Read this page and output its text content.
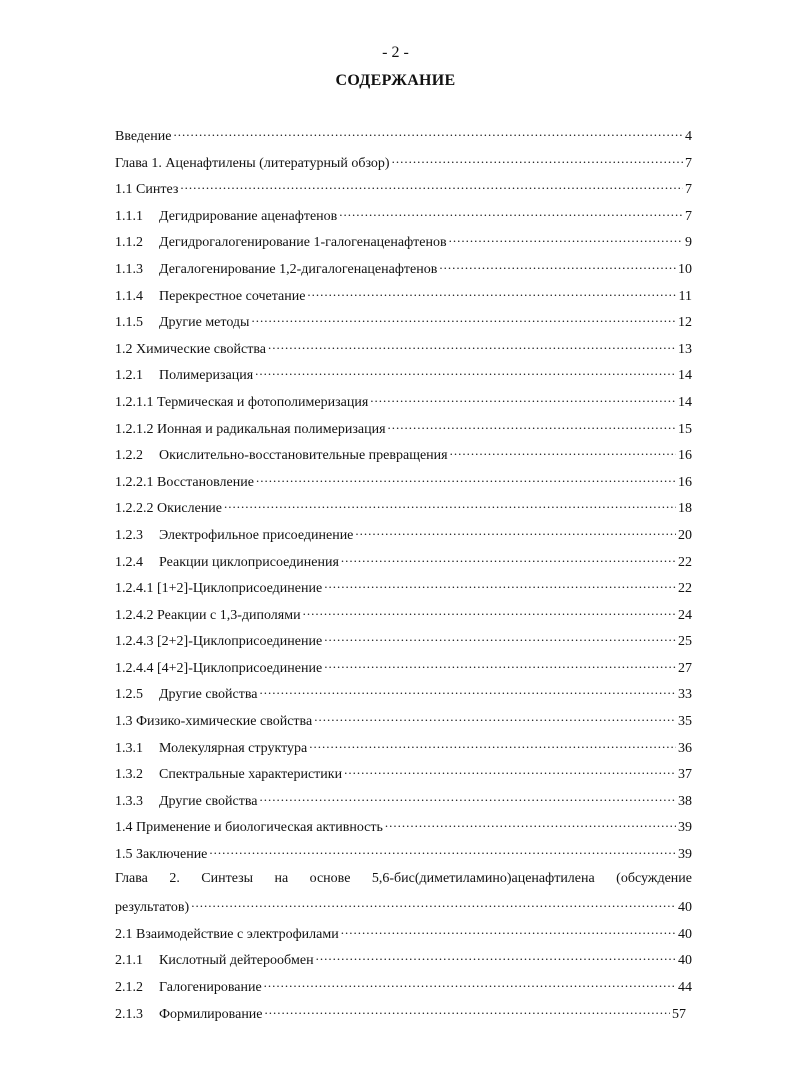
- 2 -
СОДЕРЖАНИЕ
Введение .....	4
Глава 1. Аценафтилены (литературный обзор) .....	7
1.1 Синтез .....	7
1.1.1	Дегидрирование аценафтенов .....	7
1.1.2	Дегидрогалогенирование 1-галогенаценафтенов .....	9
1.1.3	Дегалогенирование 1,2-дигалогенаценафтенов .....	10
1.1.4	Перекрестное сочетание .....	11
1.1.5	Другие методы .....	12
1.2 Химические свойства .....	13
1.2.1	Полимеризация .....	14
1.2.1.1 Термическая и фотополимеризация .....	14
1.2.1.2 Ионная и радикальная полимеризация .....	15
1.2.2	Окислительно-восстановительные превращения .....	16
1.2.2.1 Восстановление .....	16
1.2.2.2 Окисление .....	18
1.2.3	Электрофильное присоединение .....	20
1.2.4	Реакции циклоприсоединения .....	22
1.2.4.1 [1+2]-Циклоприсоединение .....	22
1.2.4.2 Реакции с 1,3-диполями .....	24
1.2.4.3 [2+2]-Циклоприсоединение .....	25
1.2.4.4 [4+2]-Циклоприсоединение .....	27
1.2.5	Другие свойства .....	33
1.3 Физико-химические свойства .....	35
1.3.1	Молекулярная структура .....	36
1.3.2	Спектральные характеристики .....	37
1.3.3	Другие свойства .....	38
1.4 Применение и биологическая активность .....	39
1.5 Заключение .....	39
Глава 2. Синтезы на основе 5,6-бис(диметиламино)аценафтилена (обсуждение
результатов) .....	40
2.1 Взаимодействие с электрофилами .....	40
2.1.1	Кислотный дейтерообмен .....	40
2.1.2	Галогенирование .....	44
2.1.3	Формилирование .....	57
